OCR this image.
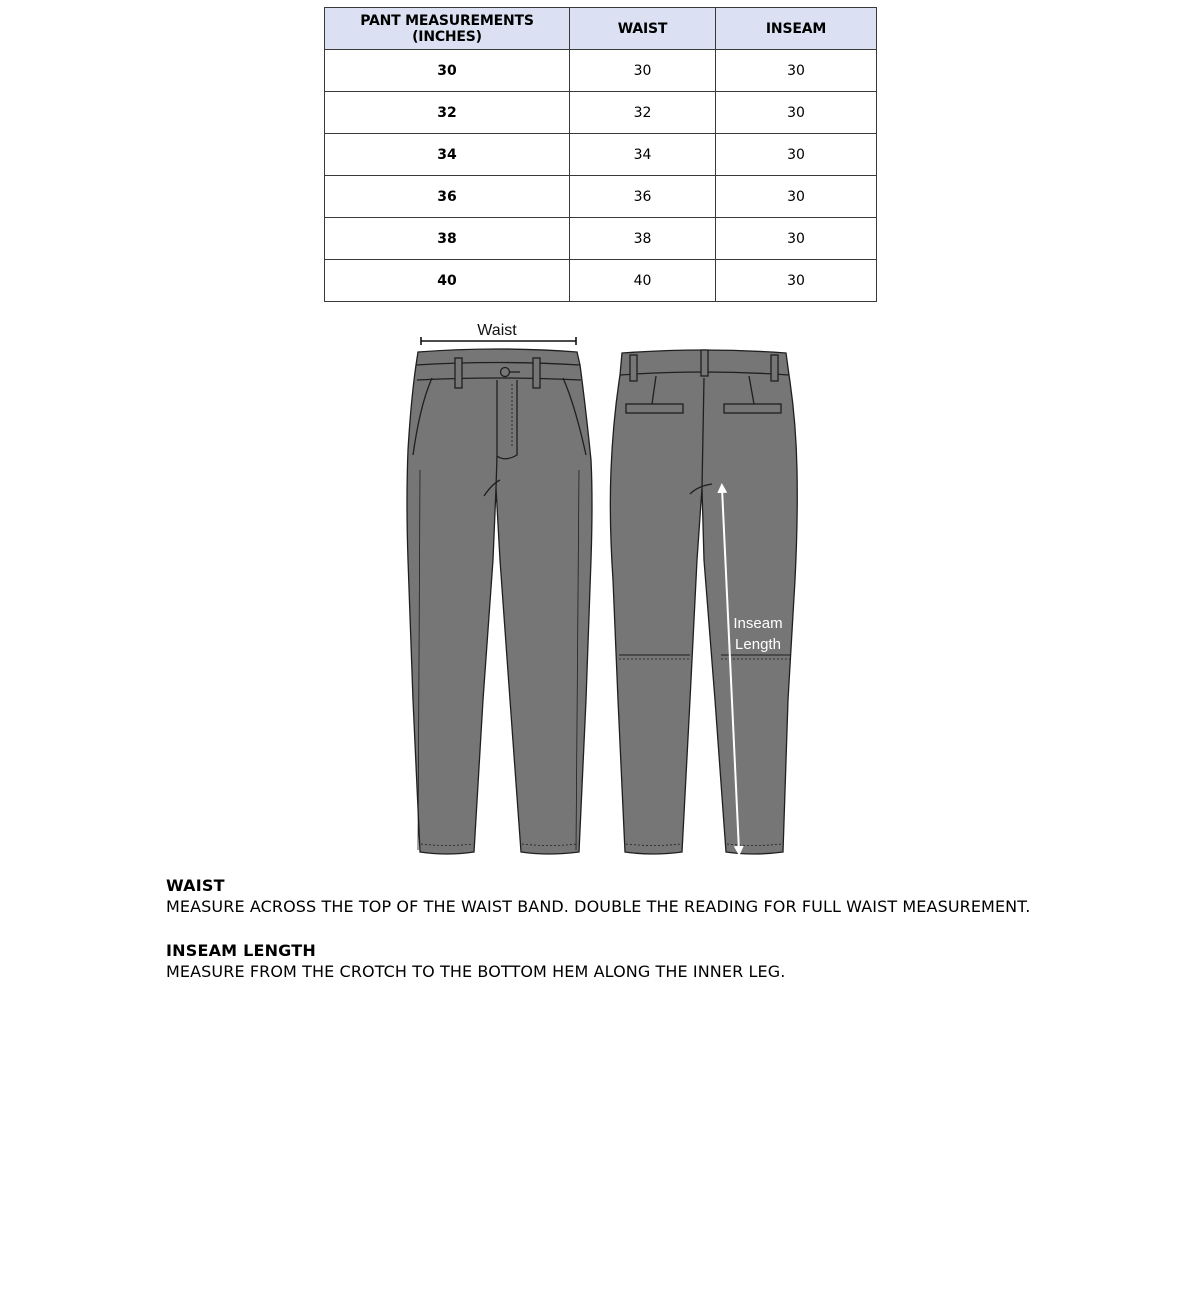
PANT MEASUREMENTS (INCHES)	WAIST	INSEAM
30	30	30
32	32	30
34	34	30
36	36	30
38	38	30
40	40	30
Waist
Inseam
Length
WAIST
MEASURE ACROSS THE TOP OF THE WAIST BAND. DOUBLE THE READING FOR FULL WAIST MEASUREMENT.
INSEAM LENGTH
MEASURE FROM THE CROTCH TO THE BOTTOM HEM ALONG THE INNER LEG.
